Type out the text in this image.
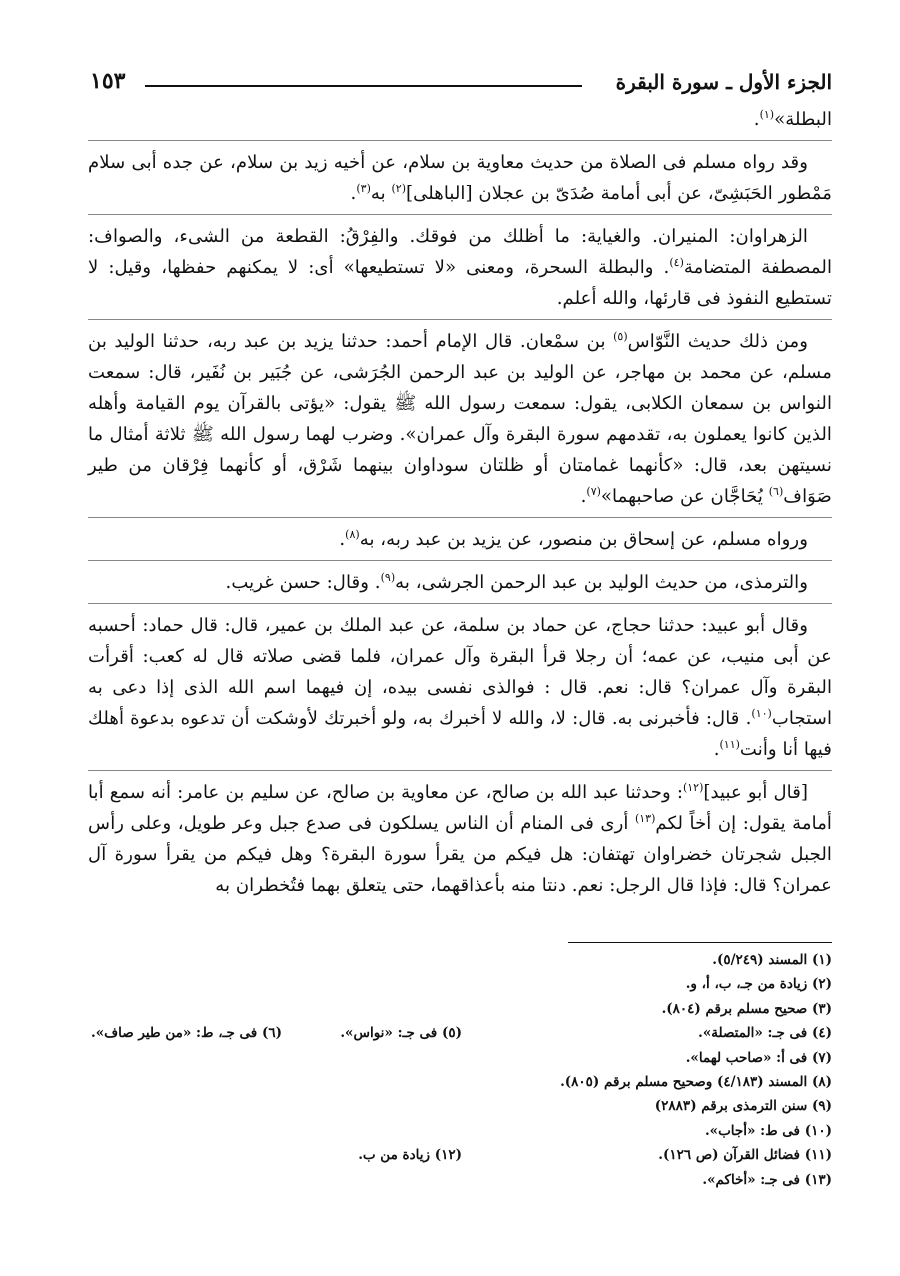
الجزء الأول ـ سورة البقرة
١٥٣

البطلة»$^{(١)}$.

وقد رواه مسلم فى الصلاة من حديث معاوية بن سلام، عن أخيه زيد بن سلام، عن جده أبى سلام مَمْطور الحَبَشِىّ، عن أبى أمامة صُدَىّ بن عجلان [الباهلى]$^{(٢)}$ به$^{(٣)}$.

الزهراوان: المنيران. والغياية: ما أظلك من فوقك. والفِرْقُ: القطعة من الشىء، والصواف: المصطفة المتضامة$^{(٤)}$. والبطلة السحرة، ومعنى «لا تستطيعها» أى: لا يمكنهم حفظها، وقيل: لا تستطيع النفوذ فى قارئها، والله أعلم.

ومن ذلك حديث النَّوّاس$^{(٥)}$ بن سمْعان. قال الإمام أحمد: حدثنا يزيد بن عبد ربه، حدثنا الوليد بن مسلم، عن محمد بن مهاجر، عن الوليد بن عبد الرحمن الجُرَشى، عن جُبَير بن نُفَير، قال: سمعت النواس بن سمعان الكلابى، يقول: سمعت رسول الله ﷺ يقول: «يؤتى بالقرآن يوم القيامة وأهله الذين كانوا يعملون به، تقدمهم سورة البقرة وآل عمران». وضرب لهما رسول الله ﷺ ثلاثة أمثال ما نسيتهن بعد، قال: «كأنهما غمامتان أو ظلتان سوداوان بينهما شَرْق، أو كأنهما فِرْقان من طير صَوَاف$^{(٦)}$ يُحَاجَّان عن صاحبهما»$^{(٧)}$.

ورواه مسلم، عن إسحاق بن منصور، عن يزيد بن عبد ربه، به$^{(٨)}$.

والترمذى، من حديث الوليد بن عبد الرحمن الجرشى، به$^{(٩)}$. وقال: حسن غريب.

وقال أبو عبيد: حدثنا حجاج، عن حماد بن سلمة، عن عبد الملك بن عمير، قال: قال حماد: أحسبه عن أبى منيب، عن عمه؛ أن رجلا قرأ البقرة وآل عمران، فلما قضى صلاته قال له كعب: أقرأت البقرة وآل عمران؟ قال: نعم. قال : فوالذى نفسى بيده، إن فيهما اسم الله الذى إذا دعى به استجاب$^{(١٠)}$. قال: فأخبرنى به. قال: لا، والله لا أخبرك به، ولو أخبرتك لأوشكت أن تدعوه بدعوة أهلك فيها أنا وأنت$^{(١١)}$.

[قال أبو عبيد]$^{(١٢)}$: وحدثنا عبد الله بن صالح، عن معاوية بن صالح، عن سليم بن عامر: أنه سمع أبا أمامة يقول: إن أخاً لكم$^{(١٣)}$ أرى فى المنام أن الناس يسلكون فى صدع جبل وعر طويل، وعلى رأس الجبل شجرتان خضراوان تهتفان: هل فيكم من يقرأ سورة البقرة؟ وهل فيكم من يقرأ سورة آل عمران؟ قال: فإذا قال الرجل: نعم. دنتا منه بأعذاقهما، حتى يتعلق بهما فتُخطران به

(١) المسند (٥/٢٤٩).
(٢) زيادة من جـ، ب، أ، و.
(٣) صحيح مسلم برقم (٨٠٤).
(٤) فى جـ: «المتصلة».
(٥) فى جـ: «نواس».
(٦) فى جـ، ط: «من طير صاف».
(٧) فى أ: «صاحب لهما».
(٨) المسند (٤/١٨٣) وصحيح مسلم برقم (٨٠٥).
(٩) سنن الترمذى برقم (٢٨٨٣)
(١٠) فى ط: «أجاب».
(١١) فضائل القرآن (ص ١٢٦).
(١٢) زيادة من ب.
(١٣) فى جـ: «أخاكم».
